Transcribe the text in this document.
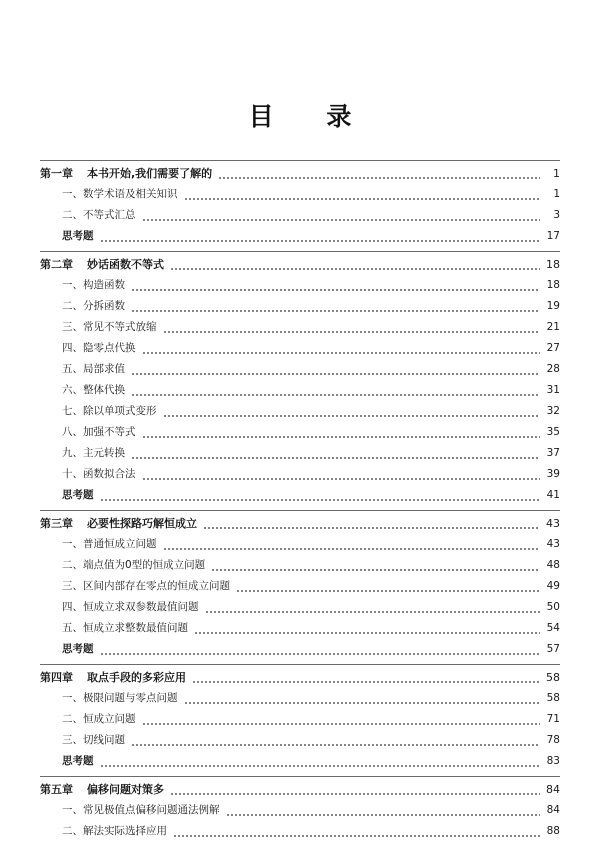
目 录
第一章 本书开始,我们需要了解的	1
一、数学术语及相关知识	1
二、不等式汇总	3
思考题	17
第二章 妙话函数不等式	18
一、构造函数	18
二、分拆函数	19
三、常见不等式放缩	21
四、隐零点代换	27
五、局部求值	28
六、整体代换	31
七、除以单项式变形	32
八、加强不等式	35
九、主元转换	37
十、函数拟合法	39
思考题	41
第三章 必要性探路巧解恒成立	43
一、普通恒成立问题	43
二、端点值为0型的恒成立问题	48
三、区间内部存在零点的恒成立问题	49
四、恒成立求双参数最值问题	50
五、恒成立求整数最值问题	54
思考题	57
第四章 取点手段的多彩应用	58
一、极限问题与零点问题	58
二、恒成立问题	71
三、切线问题	78
思考题	83
第五章 偏移问题对策多	84
一、常见极值点偏移问题通法例解	84
二、解法实际选择应用	88
